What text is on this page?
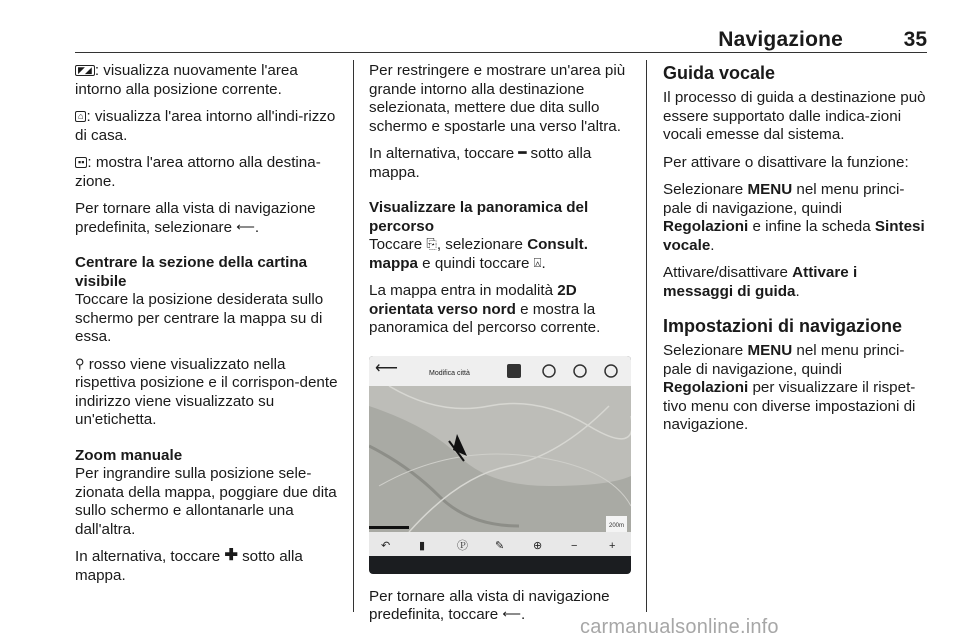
Navigazione	35

◤◢ : visualizza nuovamente l'area intorno alla posizione corrente.

⌂ : visualizza l'area intorno all'indi-rizzo di casa.

▪▪ : mostra l'area attorno alla destina-zione.

Per tornare alla vista di navigazione predefinita, selezionare ⟵.

Centrare la sezione della cartina visibile

Toccare la posizione desiderata sullo schermo per centrare la mappa su di essa.

⚲ rosso viene visualizzato nella rispettiva posizione e il corrispon-dente indirizzo viene visualizzato su un'etichetta.

Zoom manuale

Per ingrandire sulla posizione sele-zionata della mappa, poggiare due dita sullo schermo e allontanarle una dall'altra.

In alternativa, toccare ✚ sotto alla mappa.

Per restringere e mostrare un'area più grande intorno alla destinazione selezionata, mettere due dita sullo schermo e spostarle una verso l'altra.

In alternativa, toccare ━ sotto alla mappa.

Visualizzare la panoramica del percorso

Toccare ⎘, selezionare Consult. mappa e quindi toccare ⍓.

La mappa entra in modalità 2D orientata verso nord e mostra la panoramica del percorso corrente.

⟵	Modifica città
200m
↶	▮	Ⓟ ✎	⊕	−	+

Per tornare alla vista di navigazione predefinita, toccare ⟵.

Guida vocale

Il processo di guida a destinazione può essere supportato dalle indica-zioni vocali emesse dal sistema.

Per attivare o disattivare la funzione:

Selezionare MENU nel menu princi-pale di navigazione, quindi Regolazioni e infine la scheda Sintesi vocale.

Attivare/disattivare Attivare i messaggi di guida.

Impostazioni di navigazione

Selezionare MENU nel menu princi-pale di navigazione, quindi Regolazioni per visualizzare il rispet-tivo menu con diverse impostazioni di navigazione.

carmanualsonline.info
